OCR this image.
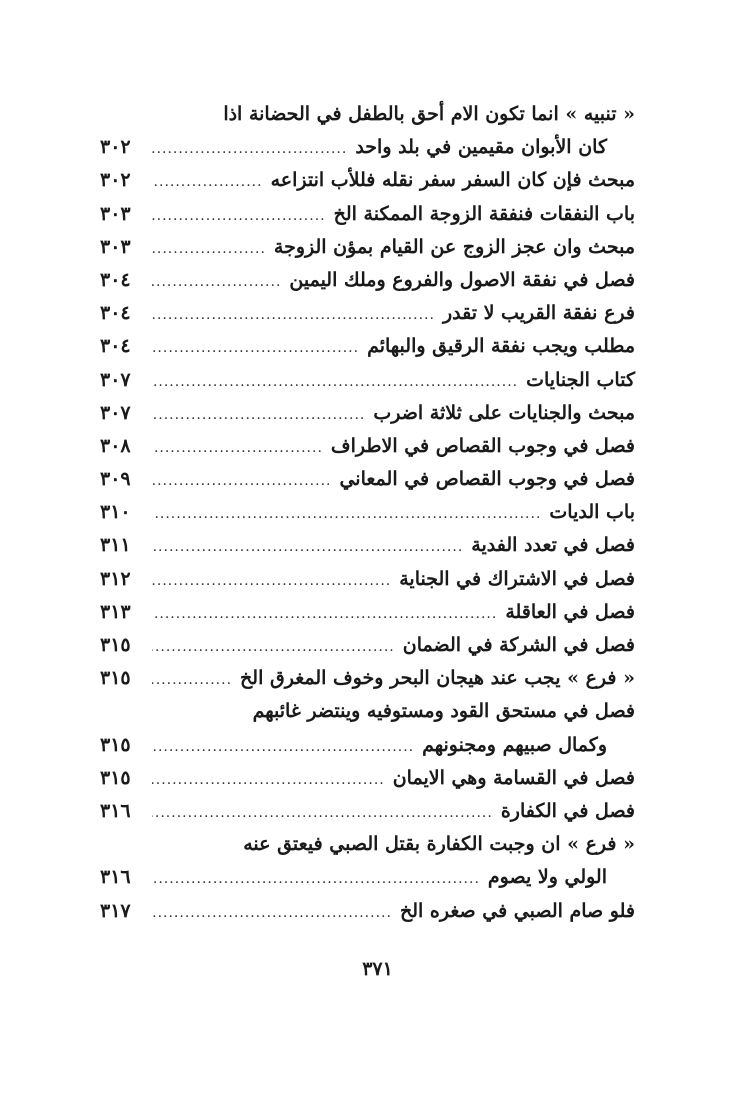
« تنبيه » انما تكون الام أحق بالطفل في الحضانة اذا
كان الأبوان مقيمين في بلد واحد
.....
٣٠٢
مبحث فإن كان السفر سفر نقله فللأب انتزاعه
.....
٣٠٢
باب النفقات فنفقة الزوجة الممكنة الخ
.....
٣٠٣
مبحث وان عجز الزوج عن القيام بمؤن الزوجة
.....
٣٠٣
فصل في نفقة الاصول والفروع وملك اليمين
.....
٣٠٤
فرع نفقة القريب لا تقدر
.....
٣٠٤
مطلب ويجب نفقة الرقيق والبهائم
.....
٣٠٤
كتاب الجنايات
.....
٣٠٧
مبحث والجنايات على ثلاثة اضرب
.....
٣٠٧
فصل في وجوب القصاص في الاطراف
.....
٣٠٨
فصل في وجوب القصاص في المعاني
.....
٣٠٩
باب الديات
.....
٣١٠
فصل في تعدد الفدية
.....
٣١١
فصل في الاشتراك في الجناية
.....
٣١٢
فصل في العاقلة
.....
٣١٣
فصل في الشركة في الضمان
.....
٣١٥
« فرع » يجب عند هيجان البحر وخوف المغرق الخ
.....
٣١٥
فصل في مستحق القود ومستوفيه وينتضر غائبهم
وكمال صبيهم ومجنونهم
.....
٣١٥
فصل في القسامة وهي الايمان
.....
٣١٥
فصل في الكفارة
.....
٣١٦
« فرع » ان وجبت الكفارة بقتل الصبي فيعتق عنه
الولي ولا يصوم
.....
٣١٦
فلو صام الصبي في صغره الخ
.....
٣١٧
٣٧١
